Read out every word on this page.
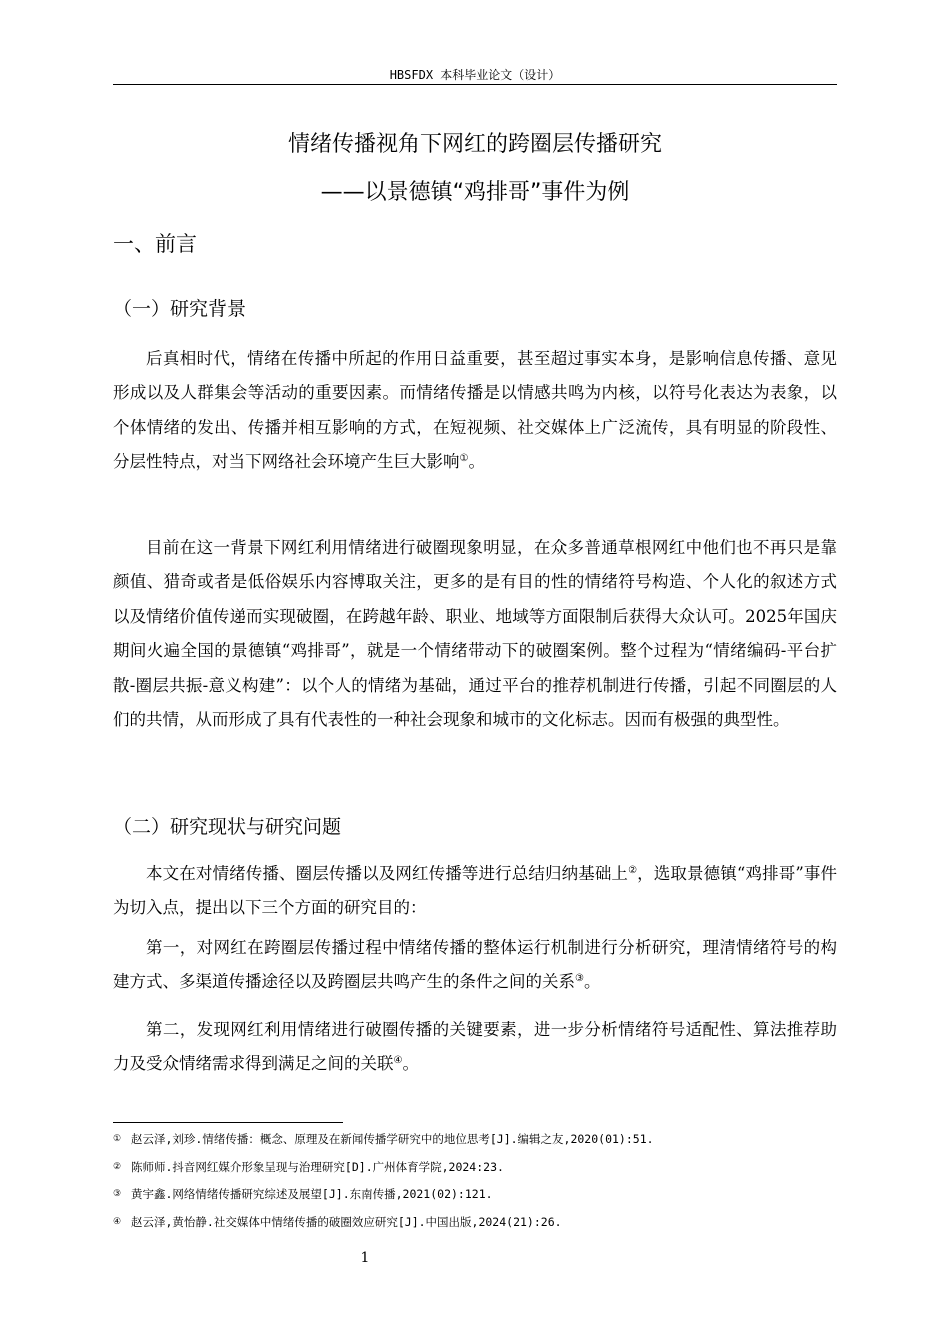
HBSFDX 本科毕业论文（设计）
情绪传播视角下网红的跨圈层传播研究
——以景德镇“鸡排哥”事件为例
一、前言
（一）研究背景
后真相时代，情绪在传播中所起的作用日益重要，甚至超过事实本身，是影响信息传播、意见形成以及人群集会等活动的重要因素。而情绪传播是以情感共鸣为内核，以符号化表达为表象，以个体情绪的发出、传播并相互影响的方式，在短视频、社交媒体上广泛流传，具有明显的阶段性、分层性特点，对当下网络社会环境产生巨大影响①。
目前在这一背景下网红利用情绪进行破圈现象明显，在众多普通草根网红中他们也不再只是靠颜值、猎奇或者是低俗娱乐内容博取关注，更多的是有目的性的情绪符号构造、个人化的叙述方式以及情绪价值传递而实现破圈，在跨越年龄、职业、地域等方面限制后获得大众认可。2025年国庆期间火遍全国的景德镇“鸡排哥”，就是一个情绪带动下的破圈案例。整个过程为“情绪编码-平台扩散-圈层共振-意义构建”：以个人的情绪为基础，通过平台的推荐机制进行传播，引起不同圈层的人们的共情，从而形成了具有代表性的一种社会现象和城市的文化标志。因而有极强的典型性。
（二）研究现状与研究问题
本文在对情绪传播、圈层传播以及网红传播等进行总结归纳基础上②，选取景德镇“鸡排哥”事件为切入点，提出以下三个方面的研究目的：
第一，对网红在跨圈层传播过程中情绪传播的整体运行机制进行分析研究，理清情绪符号的构建方式、多渠道传播途径以及跨圈层共鸣产生的条件之间的关系③。
第二，发现网红利用情绪进行破圈传播的关键要素，进一步分析情绪符号适配性、算法推荐助力及受众情绪需求得到满足之间的关联④。
① 赵云泽,刘珍.情绪传播：概念、原理及在新闻传播学研究中的地位思考[J].编辑之友,2020(01):51.
② 陈师师.抖音网红媒介形象呈现与治理研究[D].广州体育学院,2024:23.
③ 黄宇鑫.网络情绪传播研究综述及展望[J].东南传播,2021(02):121.
④ 赵云泽,黄怡静.社交媒体中情绪传播的破圈效应研究[J].中国出版,2024(21):26.
1
